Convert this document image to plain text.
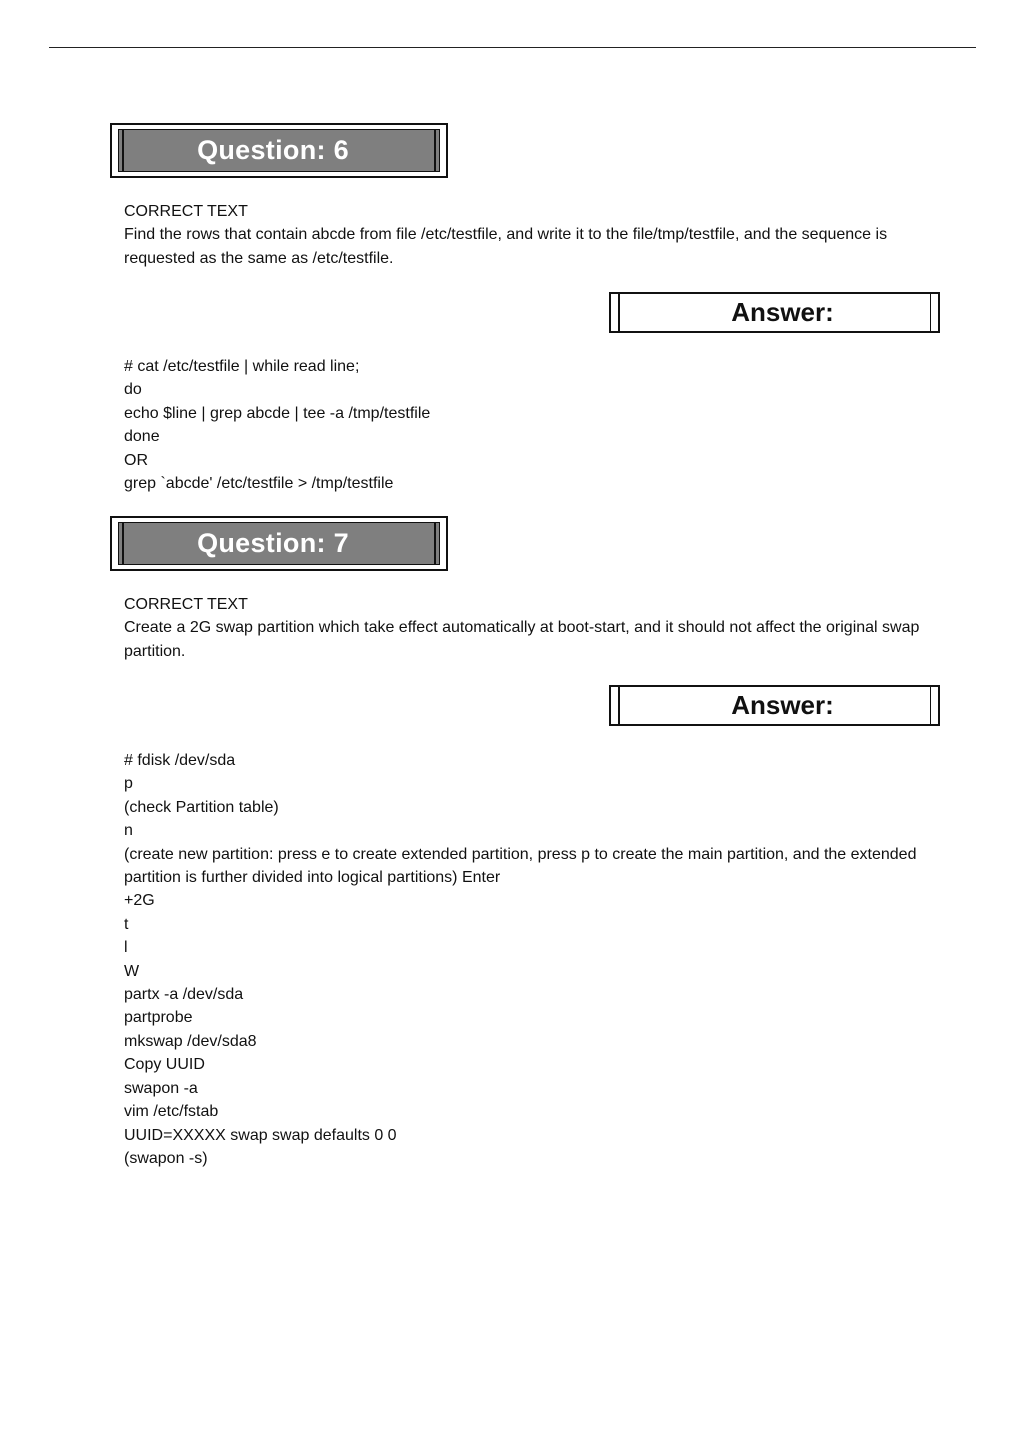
Question: 6
CORRECT TEXT
Find the rows that contain abcde from file /etc/testfile, and write it to the file/tmp/testfile, and the sequence is requested as the same as /etc/testfile.
Answer:
# cat /etc/testfile | while read line;
do
echo $line | grep abcde | tee -a /tmp/testfile
done
OR
grep `abcde' /etc/testfile > /tmp/testfile
Question: 7
CORRECT TEXT
Create a 2G swap partition which take effect automatically at boot-start, and it should not affect the original swap partition.
Answer:
# fdisk /dev/sda
p
(check Partition table)
n
(create new partition: press e to create extended partition, press p to create the main partition, and the extended partition is further divided into logical partitions) Enter
+2G
t
l
W
partx -a /dev/sda
partprobe
mkswap /dev/sda8
Copy UUID
swapon -a
vim /etc/fstab
UUID=XXXXX swap swap defaults 0 0
(swapon -s)
